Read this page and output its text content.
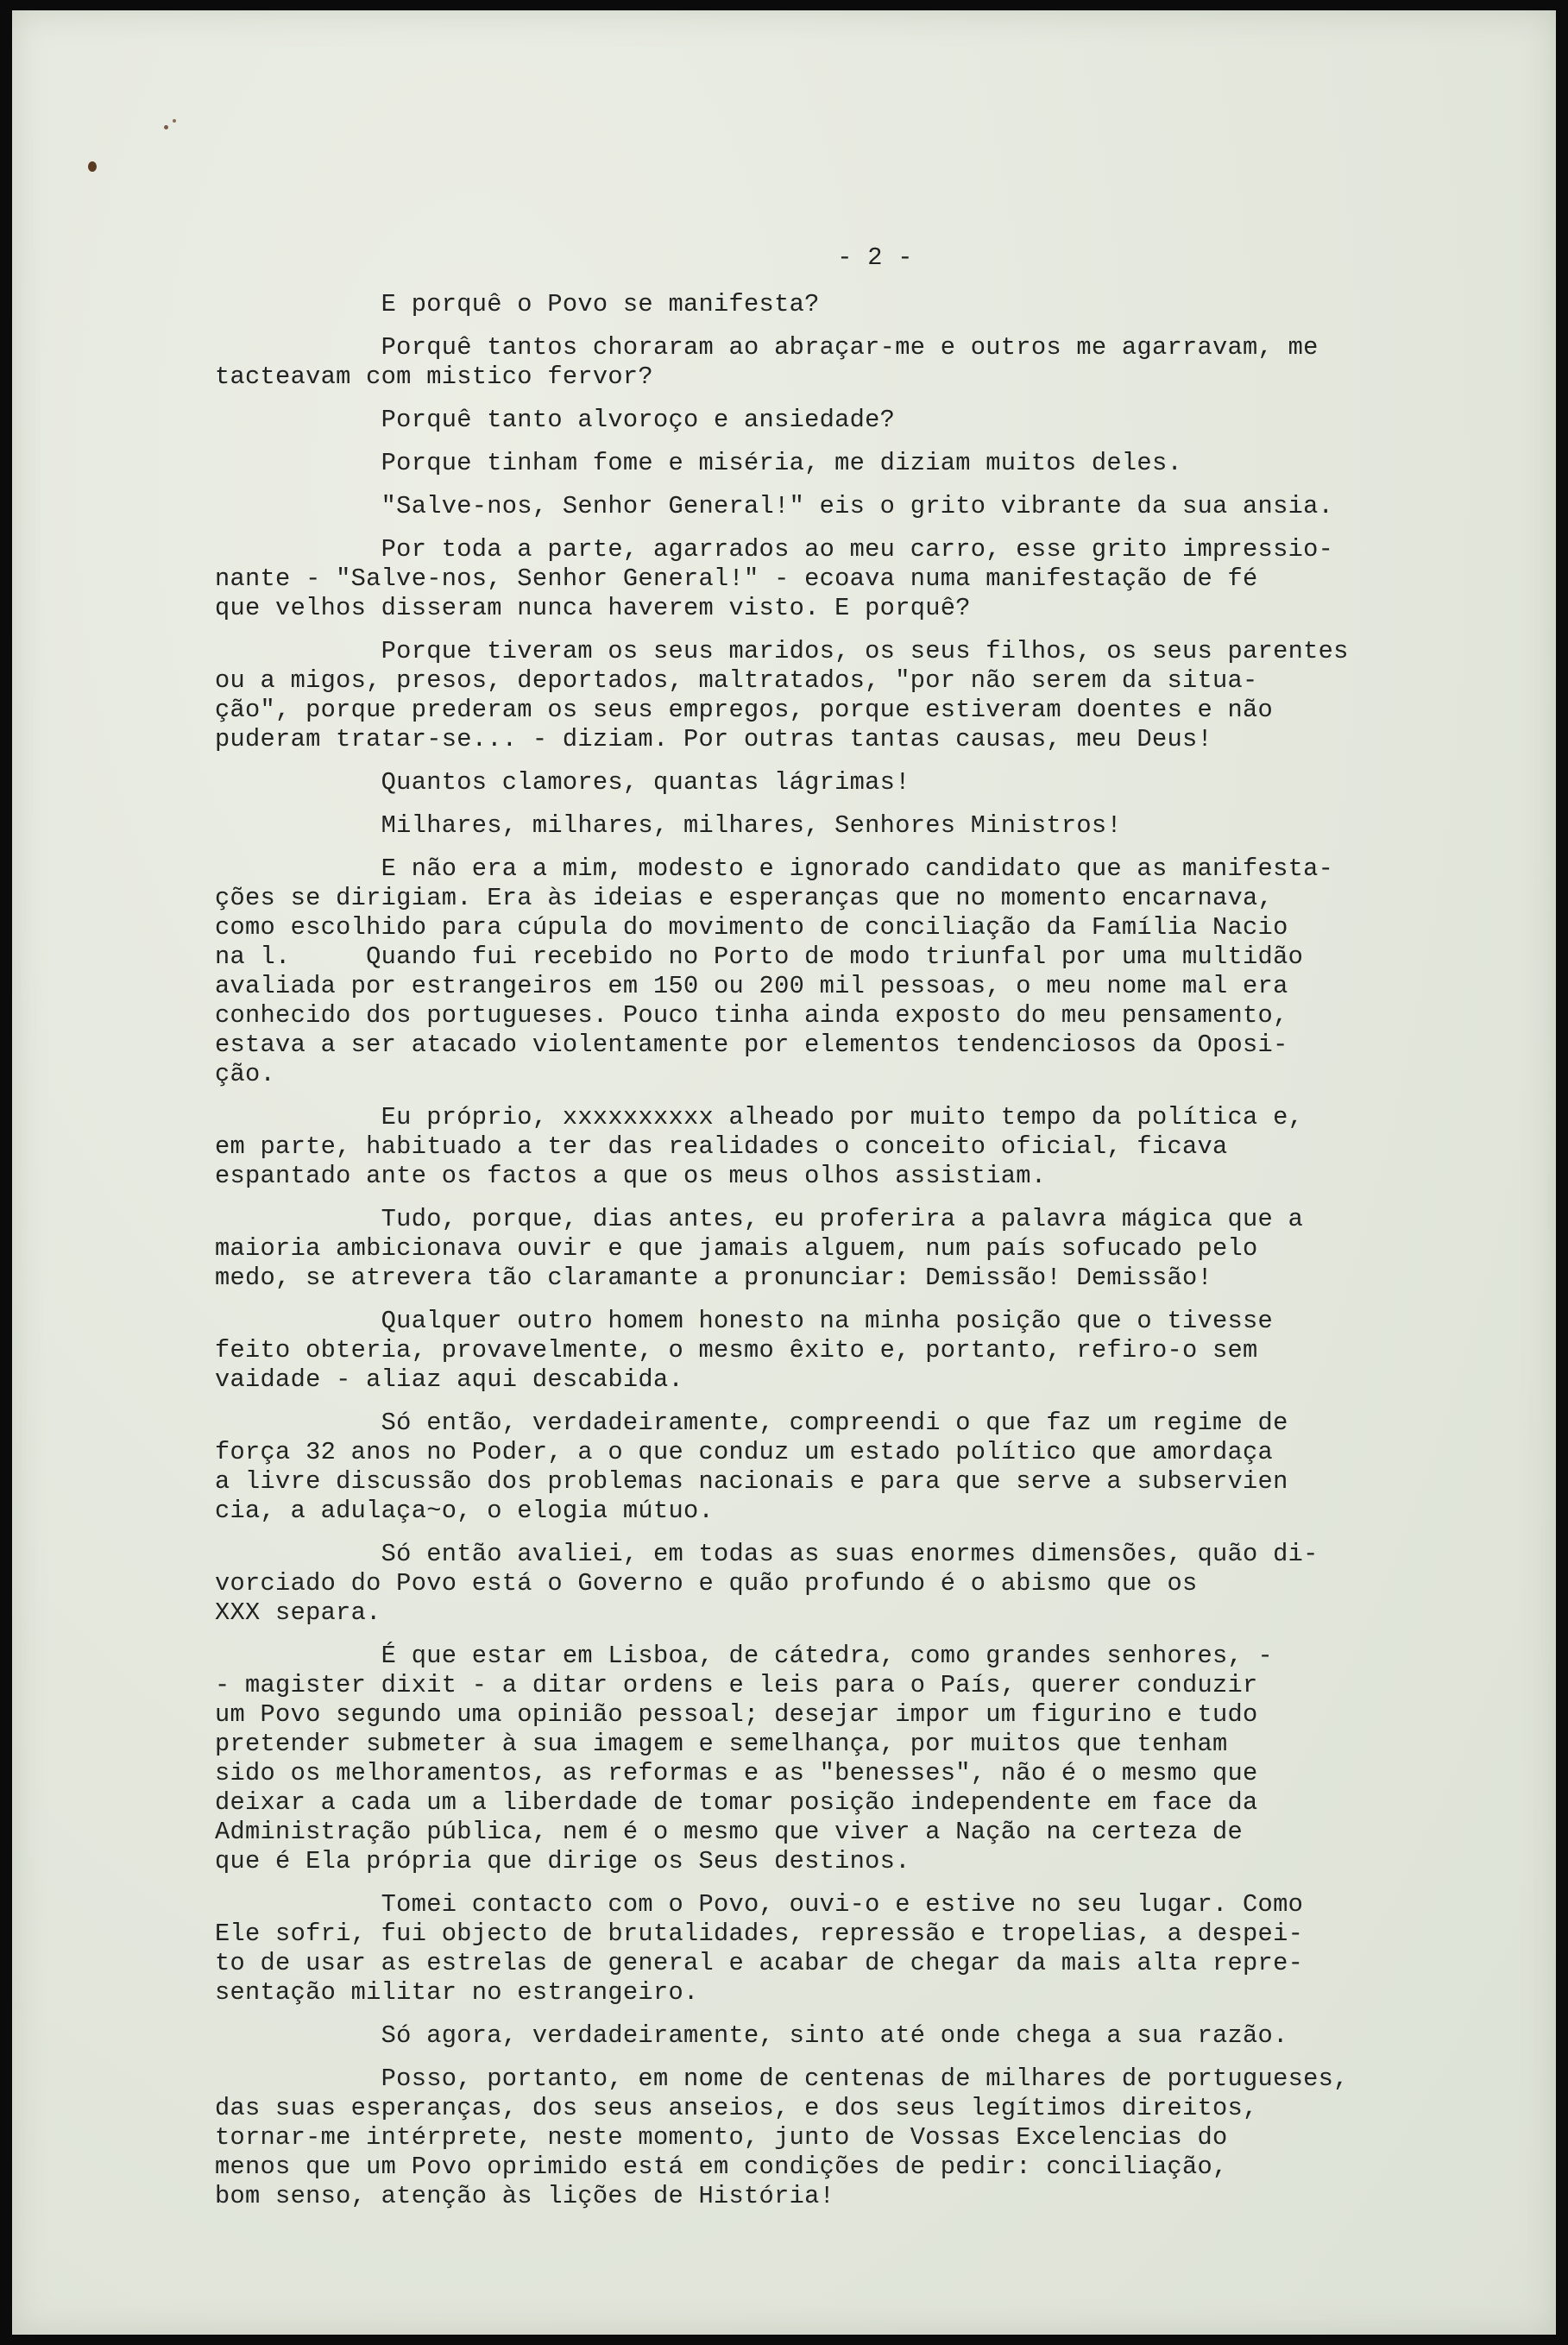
- 2 -
E porquê o Povo se manifesta?
Porquê tantos choraram ao abraçar-me e outros me agarravam, me
tacteavam com mistico fervor?
Porquê tanto alvoroço e ansiedade?
Porque tinham fome e miséria, me diziam muitos deles.
"Salve-nos, Senhor General!" eis o grito vibrante da sua ansia.
Por toda a parte, agarrados ao meu carro, esse grito impressio-
nante - "Salve-nos, Senhor General!" - ecoava numa manifestação de fé
que velhos disseram nunca haverem visto. E porquê?
Porque tiveram os seus maridos, os seus filhos, os seus parentes
ou a migos, presos, deportados, maltratados, "por não serem da situa-
ção", porque prederam os seus empregos, porque estiveram doentes e não
puderam tratar-se... - diziam. Por outras tantas causas, meu Deus!
Quantos clamores, quantas lágrimas!
Milhares, milhares, milhares, Senhores Ministros!
E não era a mim, modesto e ignorado candidato que as manifesta-
ções se dirigiam. Era às ideias e esperanças que no momento encarnava,
como escolhido para cúpula do movimento de conciliação da Família Nacio
na l.     Quando fui recebido no Porto de modo triunfal por uma multidão
avaliada por estrangeiros em 150 ou 200 mil pessoas, o meu nome mal era
conhecido dos portugueses. Pouco tinha ainda exposto do meu pensamento,
estava a ser atacado violentamente por elementos tendenciosos da Oposi-
ção.
Eu próprio, xxxxxxxxxx alheado por muito tempo da política e,
em parte, habituado a ter das realidades o conceito oficial, ficava
espantado ante os factos a que os meus olhos assistiam.
Tudo, porque, dias antes, eu proferira a palavra mágica que a
maioria ambicionava ouvir e que jamais alguem, num país sofucado pelo
medo, se atrevera tão claramante a pronunciar: Demissão! Demissão!
Qualquer outro homem honesto na minha posição que o tivesse
feito obteria, provavelmente, o mesmo êxito e, portanto, refiro-o sem
vaidade - aliaz aqui descabida.
Só então, verdadeiramente, compreendi o que faz um regime de
força 32 anos no Poder, a o que conduz um estado político que amordaça
a livre discussão dos problemas nacionais e para que serve a subservien
cia, a adulaça~o, o elogia mútuo.
Só então avaliei, em todas as suas enormes dimensões, quão di-
vorciado do Povo está o Governo e quão profundo é o abismo que os
XXX separa.
É que estar em Lisboa, de cátedra, como grandes senhores, -
- magister dixit - a ditar ordens e leis para o País, querer conduzir
um Povo segundo uma opinião pessoal; desejar impor um figurino e tudo
pretender submeter à sua imagem e semelhança, por muitos que tenham
sido os melhoramentos, as reformas e as "benesses", não é o mesmo que
deixar a cada um a liberdade de tomar posição independente em face da
Administração pública, nem é o mesmo que viver a Nação na certeza de
que é Ela própria que dirige os Seus destinos.
Tomei contacto com o Povo, ouvi-o e estive no seu lugar. Como
Ele sofri, fui objecto de brutalidades, repressão e tropelias, a despei-
to de usar as estrelas de general e acabar de chegar da mais alta repre-
sentação militar no estrangeiro.
Só agora, verdadeiramente, sinto até onde chega a sua razão.
Posso, portanto, em nome de centenas de milhares de portugueses,
das suas esperanças, dos seus anseios, e dos seus legítimos direitos,
tornar-me intérprete, neste momento, junto de Vossas Excelencias do
menos que um Povo oprimido está em condições de pedir: conciliação,
bom senso, atenção às lições de História!
